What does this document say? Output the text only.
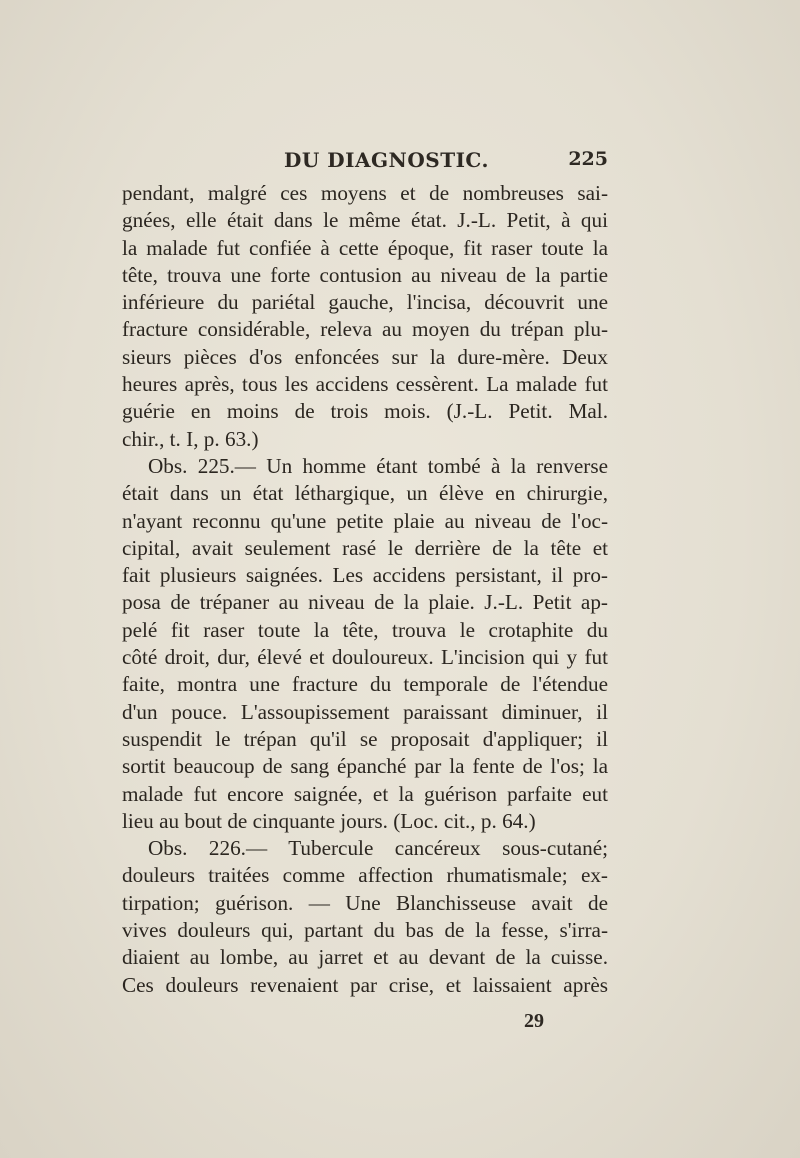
DU DIAGNOSTIC.	225
pendant, malgré ces moyens et de nombreuses sai-
gnées, elle était dans le même état. J.-L. Petit, à qui
la malade fut confiée à cette époque, fit raser toute la
tête, trouva une forte contusion au niveau de la partie
inférieure du pariétal gauche, l'incisa, découvrit une
fracture considérable, releva au moyen du trépan plu-
sieurs pièces d'os enfoncées sur la dure-mère. Deux
heures après, tous les accidens cessèrent. La malade fut
guérie en moins de trois mois. (J.-L. Petit. Mal.
chir., t. I, p. 63.)
Obs. 225.— Un homme étant tombé à la renverse
était dans un état léthargique, un élève en chirurgie,
n'ayant reconnu qu'une petite plaie au niveau de l'oc-
cipital, avait seulement rasé le derrière de la tête et
fait plusieurs saignées. Les accidens persistant, il pro-
posa de trépaner au niveau de la plaie. J.-L. Petit ap-
pelé fit raser toute la tête, trouva le crotaphite du
côté droit, dur, élevé et douloureux. L'incision qui y fut
faite, montra une fracture du temporale de l'étendue
d'un pouce. L'assoupissement paraissant diminuer, il
suspendit le trépan qu'il se proposait d'appliquer; il
sortit beaucoup de sang épanché par la fente de l'os; la
malade fut encore saignée, et la guérison parfaite eut
lieu au bout de cinquante jours. (Loc. cit., p. 64.)
Obs. 226.— Tubercule cancéreux sous-cutané;
douleurs traitées comme affection rhumatismale; ex-
tirpation; guérison. — Une Blanchisseuse avait de
vives douleurs qui, partant du bas de la fesse, s'irra-
diaient au lombe, au jarret et au devant de la cuisse.
Ces douleurs revenaient par crise, et laissaient après
29
